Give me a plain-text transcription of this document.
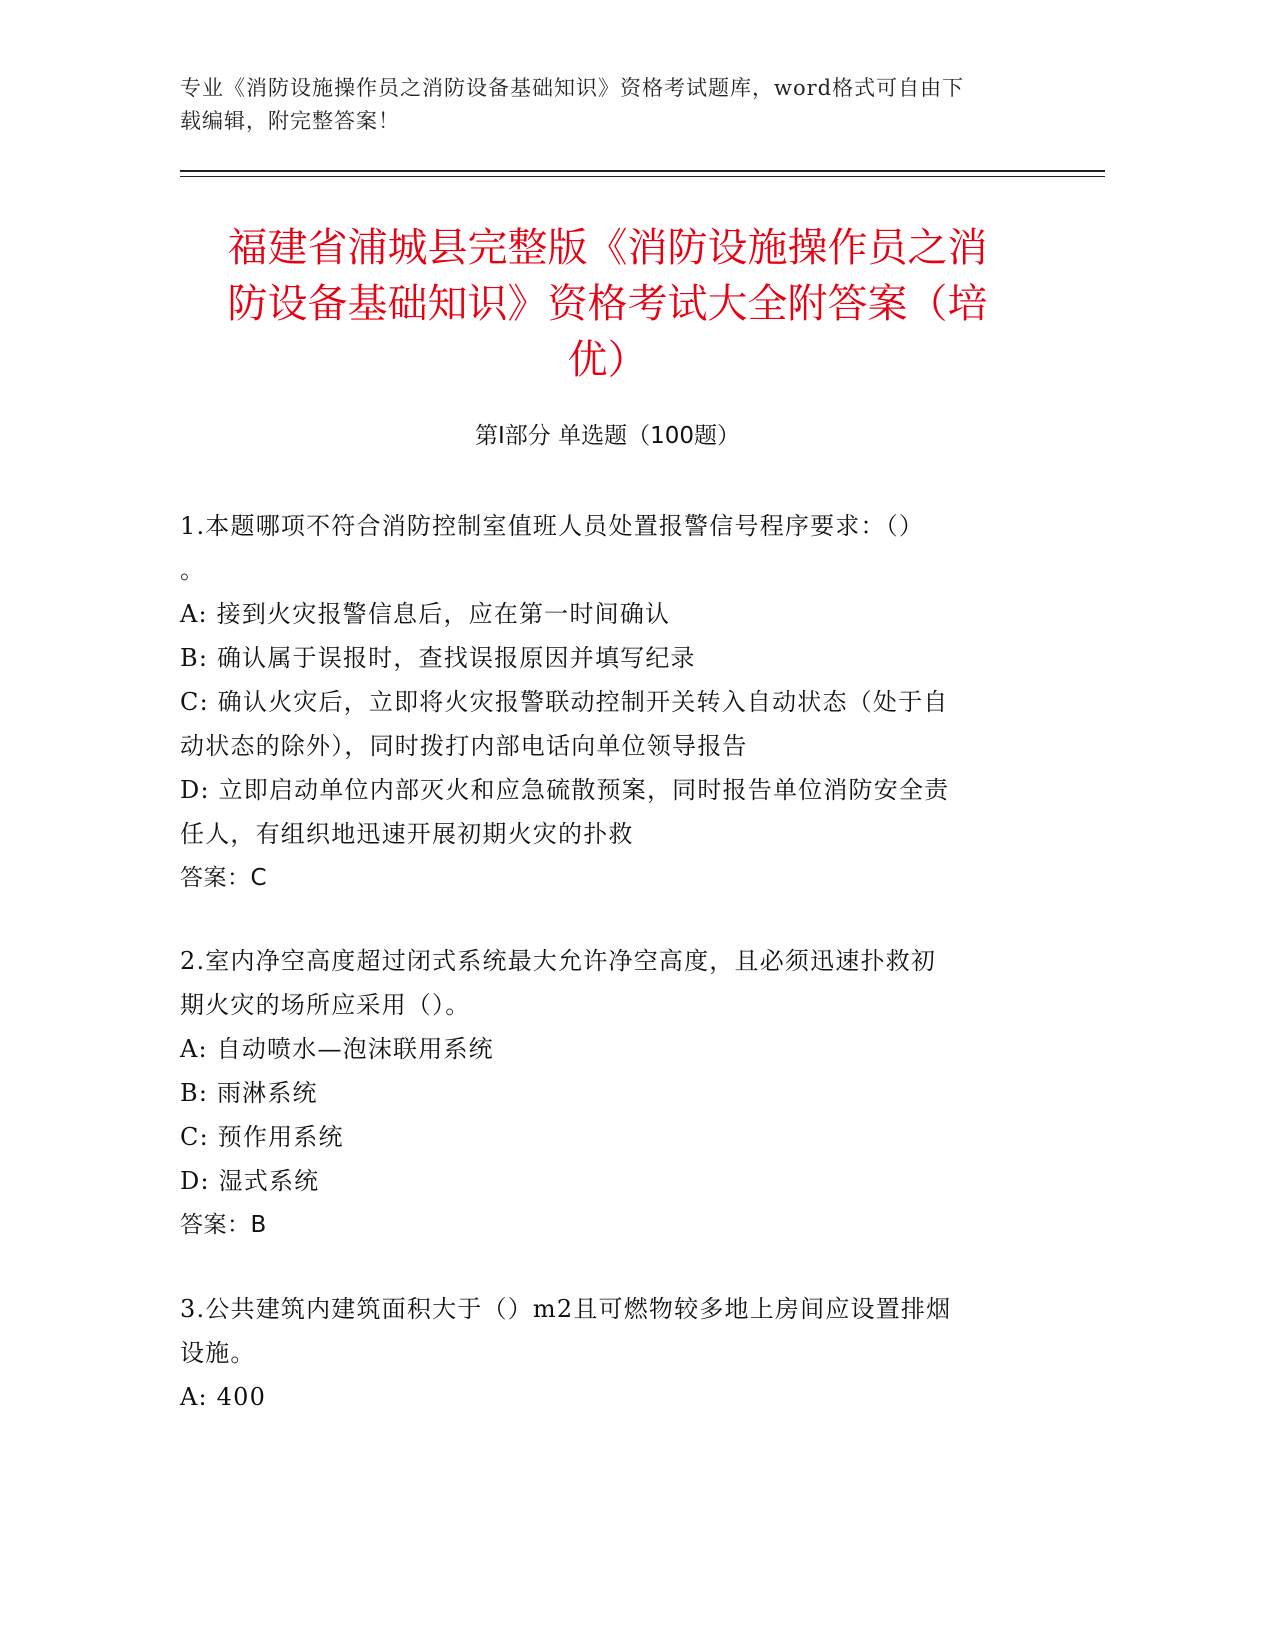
专业《消防设施操作员之消防设备基础知识》资格考试题库，word格式可自由下
载编辑，附完整答案！
福建省浦城县完整版《消防设施操作员之消
防设备基础知识》资格考试大全附答案（培
优）
第Ⅰ部分 单选题（100题）
1.本题哪项不符合消防控制室值班人员处置报警信号程序要求：（）
。
A: 接到火灾报警信息后，应在第一时间确认
B: 确认属于误报时，查找误报原因并填写纪录
C: 确认火灾后，立即将火灾报警联动控制开关转入自动状态（处于自
动状态的除外），同时拨打内部电话向单位领导报告
D: 立即启动单位内部灭火和应急硫散预案，同时报告单位消防安全责
任人，有组织地迅速开展初期火灾的扑救
答案：C
2.室内净空高度超过闭式系统最大允许净空高度，且必须迅速扑救初
期火灾的场所应采用（）。
A: 自动喷水—泡沫联用系统
B: 雨淋系统
C: 预作用系统
D: 湿式系统
答案：B
3.公共建筑内建筑面积大于（）m2且可燃物较多地上房间应设置排烟
设施。
A: 400
